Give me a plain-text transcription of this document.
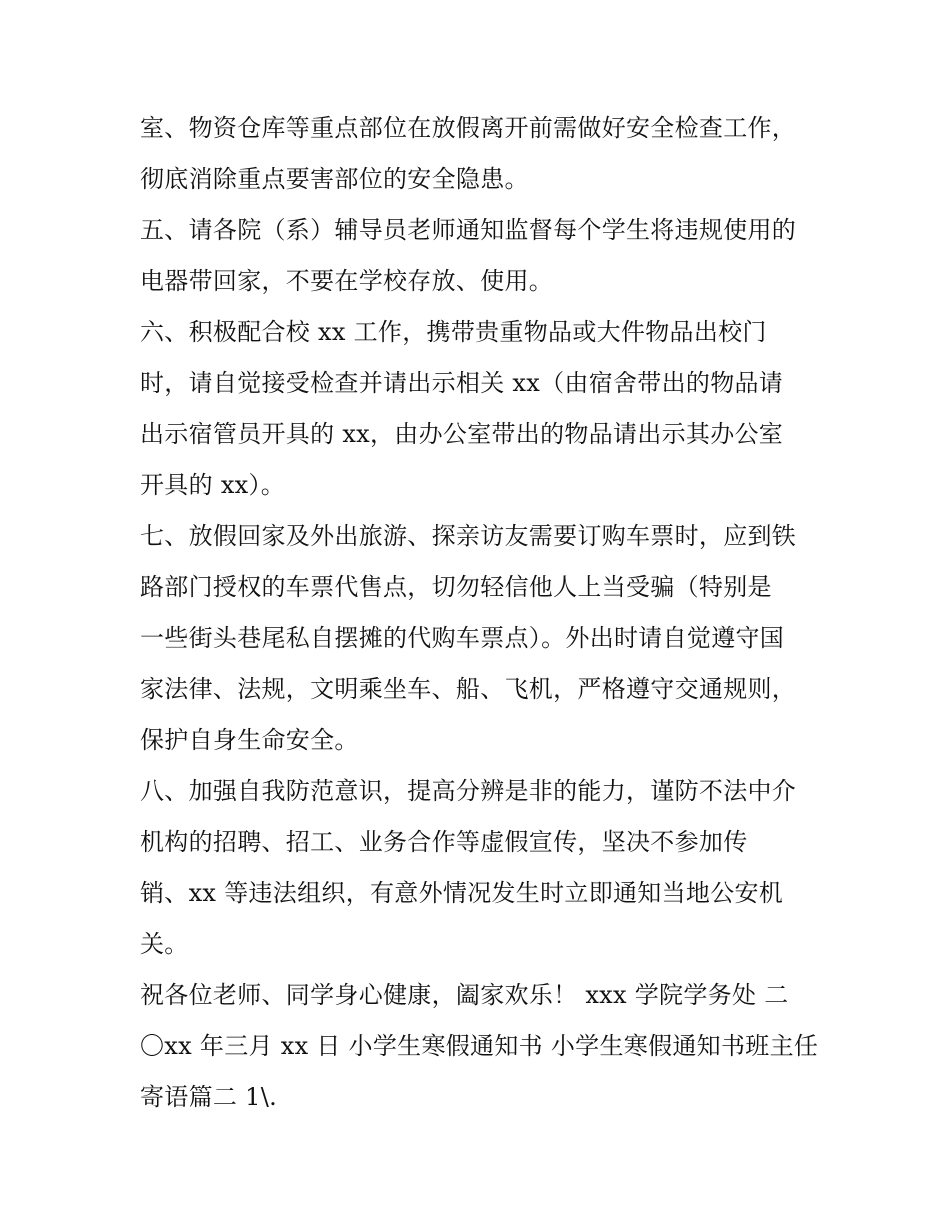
室、物资仓库等重点部位在放假离开前需做好安全检查工作，
彻底消除重点要害部位的安全隐患。
五、请各院（系）辅导员老师通知监督每个学生将违规使用的
电器带回家，不要在学校存放、使用。
六、积极配合校 xx 工作，携带贵重物品或大件物品出校门
时，请自觉接受检查并请出示相关 xx（由宿舍带出的物品请
出示宿管员开具的 xx，由办公室带出的物品请出示其办公室
开具的 xx）。
七、放假回家及外出旅游、探亲访友需要订购车票时，应到铁
路部门授权的车票代售点，切勿轻信他人上当受骗（特别是
一些街头巷尾私自摆摊的代购车票点）。外出时请自觉遵守国
家法律、法规，文明乘坐车、船、飞机，严格遵守交通规则，
保护自身生命安全。
八、加强自我防范意识，提高分辨是非的能力，谨防不法中介
机构的招聘、招工、业务合作等虚假宣传，坚决不参加传
销、xx 等违法组织，有意外情况发生时立即通知当地公安机
关。
祝各位老师、同学身心健康，阖家欢乐！ xxx 学院学务处 二
〇xx 年三月 xx 日 小学生寒假通知书 小学生寒假通知书班主任
寄语篇二 1\.
